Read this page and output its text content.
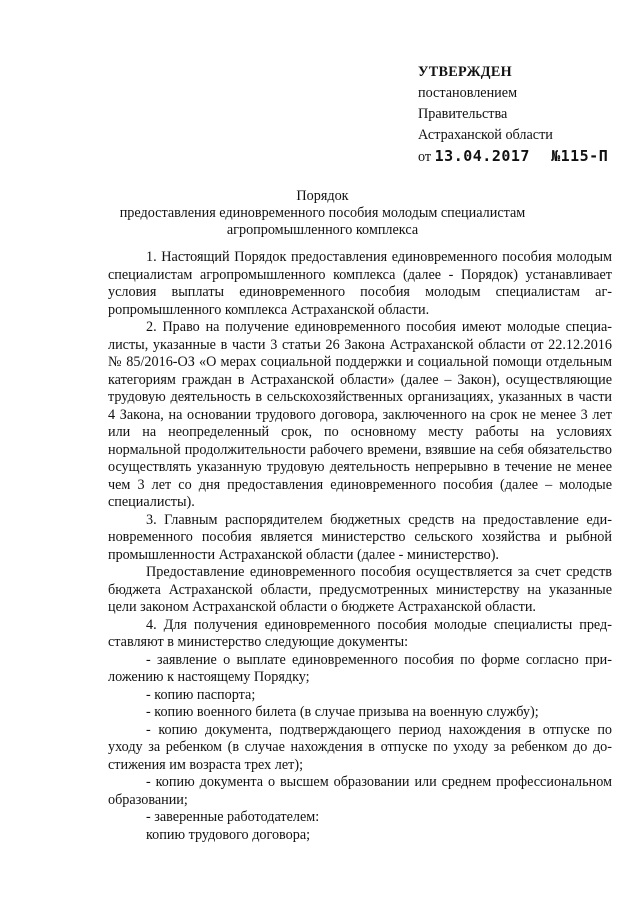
УТВЕРЖДЕН
постановлением
Правительства
Астраханской области
от 13.04.2017 №115-П
Порядок
предоставления единовременного пособия молодым специалистам
агропромышленного комплекса

1. Настоящий Порядок предоставления единовременного пособия молодым специалистам агропромышленного комплекса (далее - Порядок) устанавливает условия выплаты единовременного пособия молодым специалистам агропромышленного комплекса Астраханской области.

2. Право на получение единовременного пособия имеют молодые специалисты, указанные в части 3 статьи 26 Закона Астраханской области от 22.12.2016 № 85/2016-ОЗ «О мерах социальной поддержки и социальной помощи отдельным категориям граждан в Астраханской области» (далее – Закон), осуществляющие трудовую деятельность в сельскохозяйственных организациях, указанных в части 4 Закона, на основании трудового договора, заключенного на срок не менее 3 лет или на неопределенный срок, по основному месту работы на условиях нормальной продолжительности рабочего времени, взявшие на себя обязательство осуществлять указанную трудовую деятельность непрерывно в течение не менее чем 3 лет со дня предоставления единовременного пособия (далее – молодые специалисты).

3. Главным распорядителем бюджетных средств на предоставление единовременного пособия является министерство сельского хозяйства и рыбной промышленности Астраханской области (далее - министерство).

Предоставление единовременного пособия осуществляется за счет средств бюджета Астраханской области, предусмотренных министерству на указанные цели законом Астраханской области о бюджете Астраханской области.

4. Для получения единовременного пособия молодые специалисты представляют в министерство следующие документы:

- заявление о выплате единовременного пособия по форме согласно приложению к настоящему Порядку;

- копию паспорта;

- копию военного билета (в случае призыва на военную службу);

- копию документа, подтверждающего период нахождения в отпуске по уходу за ребенком (в случае нахождения в отпуске по уходу за ребенком до достижения им возраста трех лет);

- копию документа о высшем образовании или среднем профессиональном образовании;

- заверенные работодателем:

копию трудового договора;
